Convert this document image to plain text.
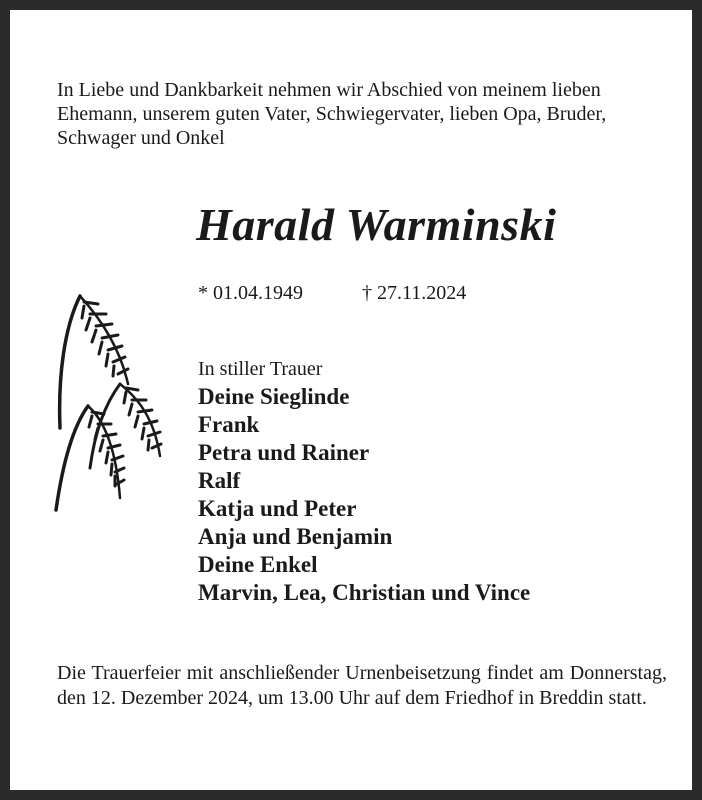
In Liebe und Dankbarkeit nehmen wir Abschied von meinem lieben Ehemann, unserem guten Vater, Schwiegervater, lieben Opa, Bruder, Schwager und Onkel
Harald Warminski
* 01.04.1949	† 27.11.2024
In stiller Trauer
Deine Sieglinde
Frank
Petra und Rainer
Ralf
Katja und Peter
Anja und Benjamin
Deine Enkel
Marvin, Lea, Christian und Vince
Die Trauerfeier mit anschließender Urnenbeisetzung findet am Donnerstag, den 12. Dezember 2024, um 13.00 Uhr auf dem Friedhof in Breddin statt.
